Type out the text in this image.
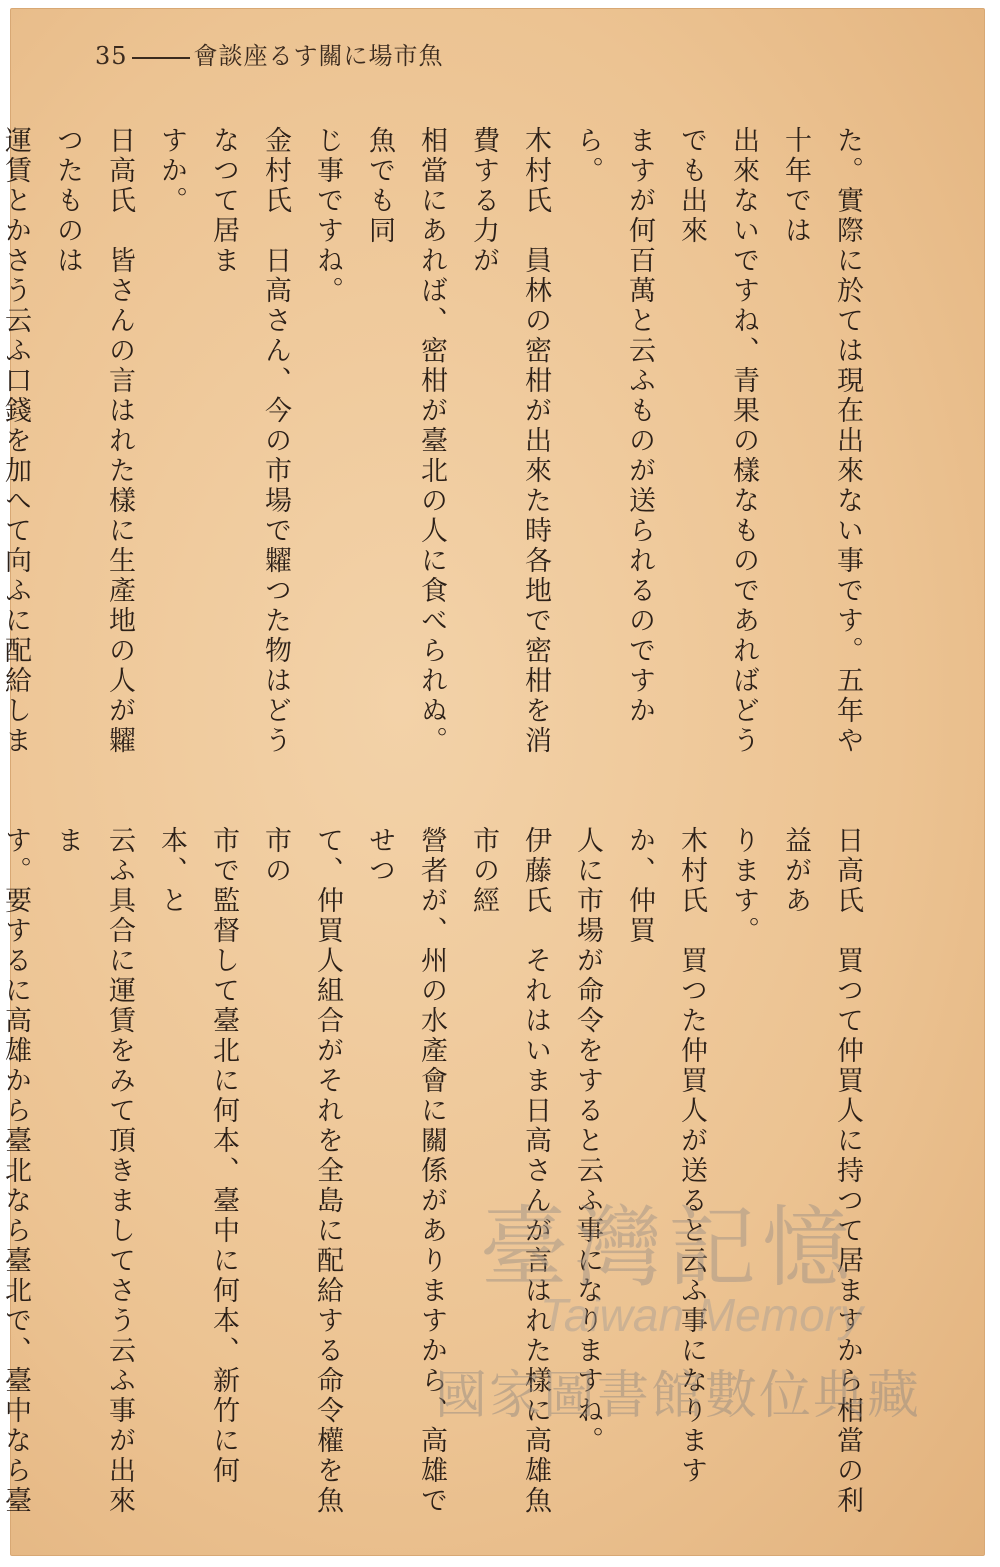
35	會談座るす關に場市魚

た。實際に於ては現在出來ない事です。五年や十年では

出來ないですね、青果の樣なものであればどうでも出來

ますが何百萬と云ふものが送られるのですから。

木村氏　員林の密柑が出來た時各地で密柑を消費する力が

相當にあれば、密柑が臺北の人に食べられぬ。魚でも同

じ事ですね。

金村氏　日高さん、今の市場で糶つた物はどうなつて居ま

すか。

日高氏　皆さんの言はれた樣に生產地の人が糶つたものは

運賃とかさう云ふ口錢を加へて向ふに配給しま

日高氏　買つて仲買人に持つて居ますから相當の利益があ

ります。

木村氏　買つた仲買人が送ると云ふ事になりますか、仲買

人に市場が命令をすると云ふ事になりますね。

伊藤氏　それはいま日高さんが言はれた樣に高雄魚市の經

營者が、州の水產會に關係がありますから、高雄でせつ

て、仲買人組合がそれを全島に配給する命令權を魚市の

市で監督して臺北に何本、臺中に何本、新竹に何本、と

云ふ具合に運賃をみて頂きましてさう云ふ事が出來ま

す。要するに高雄から臺北なら臺北で、臺中なら臺

臺灣記憶
Taiwan Memory
國家圖書館數位典藏
